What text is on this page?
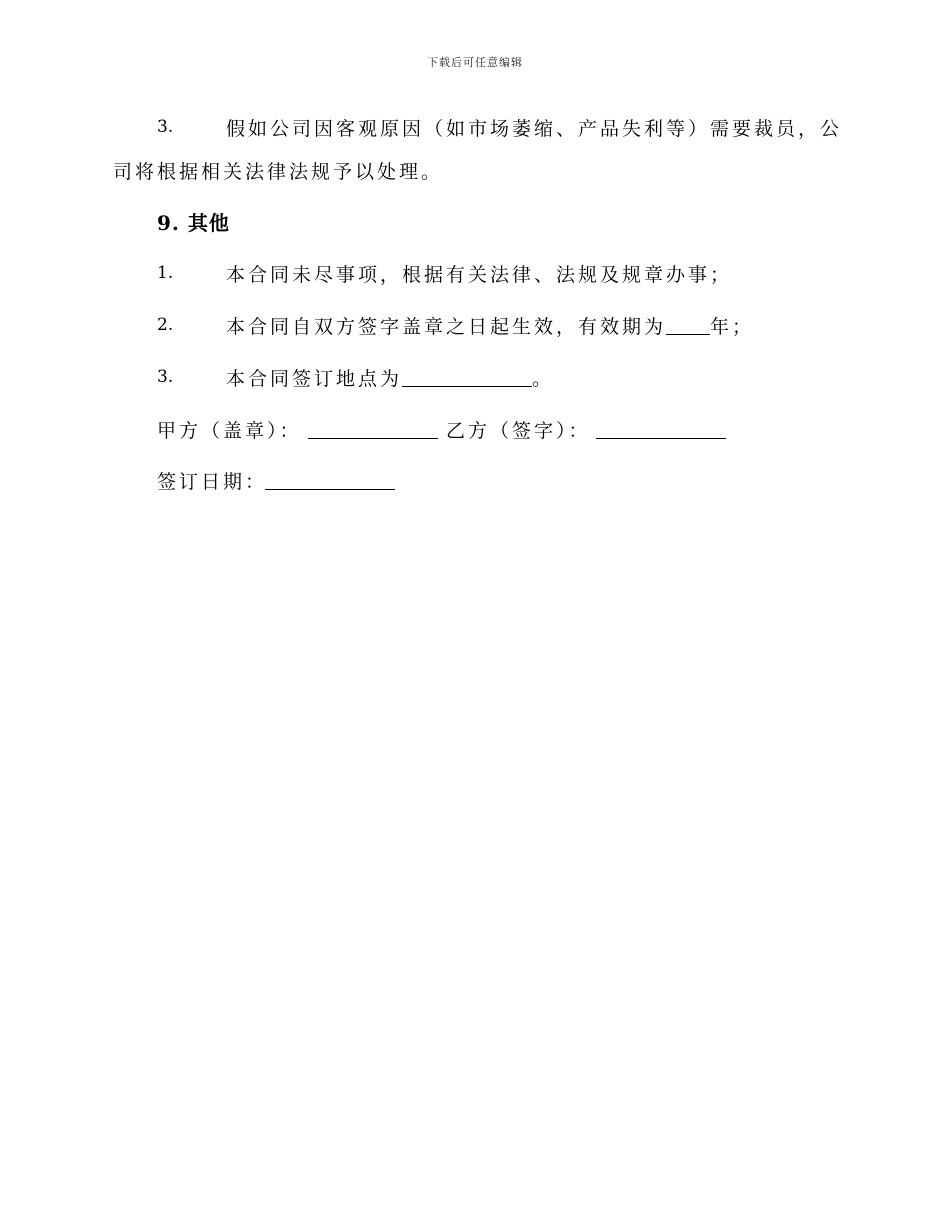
下载后可任意编辑
3.	假如公司因客观原因（如市场萎缩、产品失利等）需要裁员，公
司将根据相关法律法规予以处理。
9. 其他
1.	本合同未尽事项，根据有关法律、法规及规章办事；
2.	本合同自双方签字盖章之日起生效，有效期为 年；
3.	本合同签订地点为	。
甲方（盖章）：	乙方（签字）：
签订日期：
